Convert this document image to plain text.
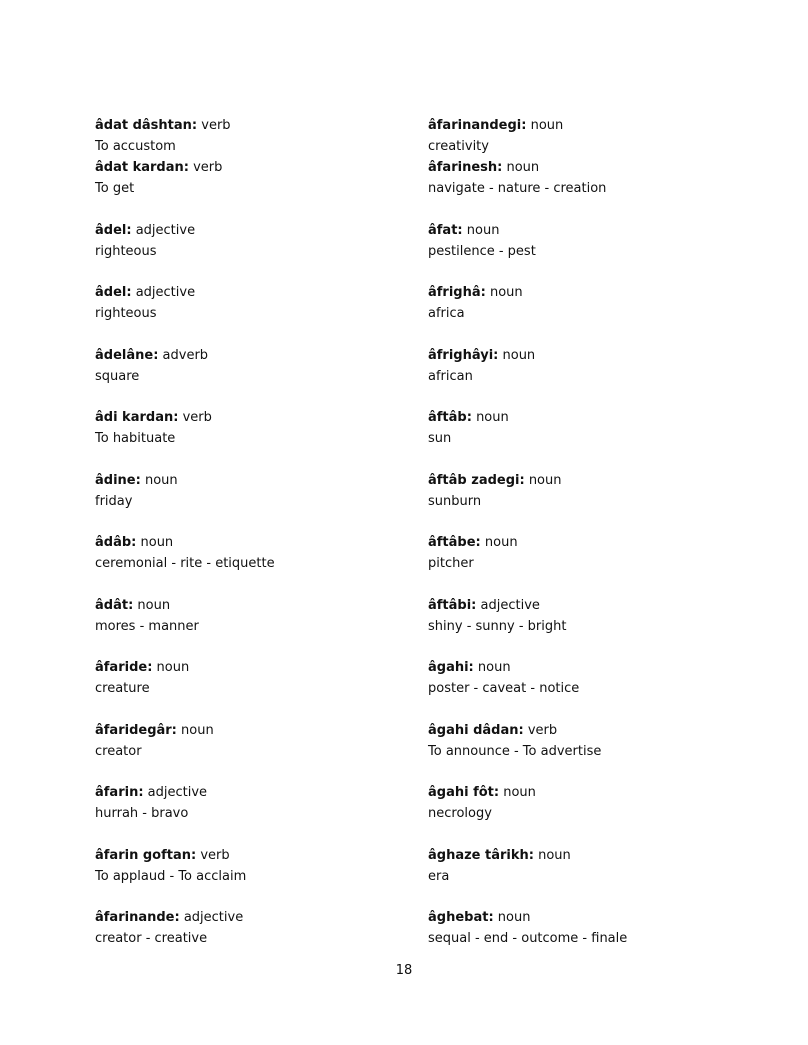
âdat dâshtan: verb
To accustom
âdat kardan: verb
To get
âdel: adjective
righteous
âdel: adjective
righteous
âdelâne: adverb
square
âdi kardan: verb
To habituate
âdine: noun
friday
âdâb: noun
ceremonial - rite - etiquette
âdât: noun
mores - manner
âfaride: noun
creature
âfaridegâr: noun
creator
âfarin: adjective
hurrah - bravo
âfarin goftan: verb
To applaud - To acclaim
âfarinande: adjective
creator - creative
âfarinandegi: noun
creativity
âfarinesh: noun
navigate - nature - creation
âfat: noun
pestilence - pest
âfrighâ: noun
africa
âfrighâyi: noun
african
âftâb: noun
sun
âftâb zadegi: noun
sunburn
âftâbe: noun
pitcher
âftâbi: adjective
shiny - sunny - bright
âgahi: noun
poster - caveat - notice
âgahi dâdan: verb
To announce - To advertise
âgahi fôt: noun
necrology
âghaze târikh: noun
era
âghebat: noun
sequal - end - outcome - finale
18
